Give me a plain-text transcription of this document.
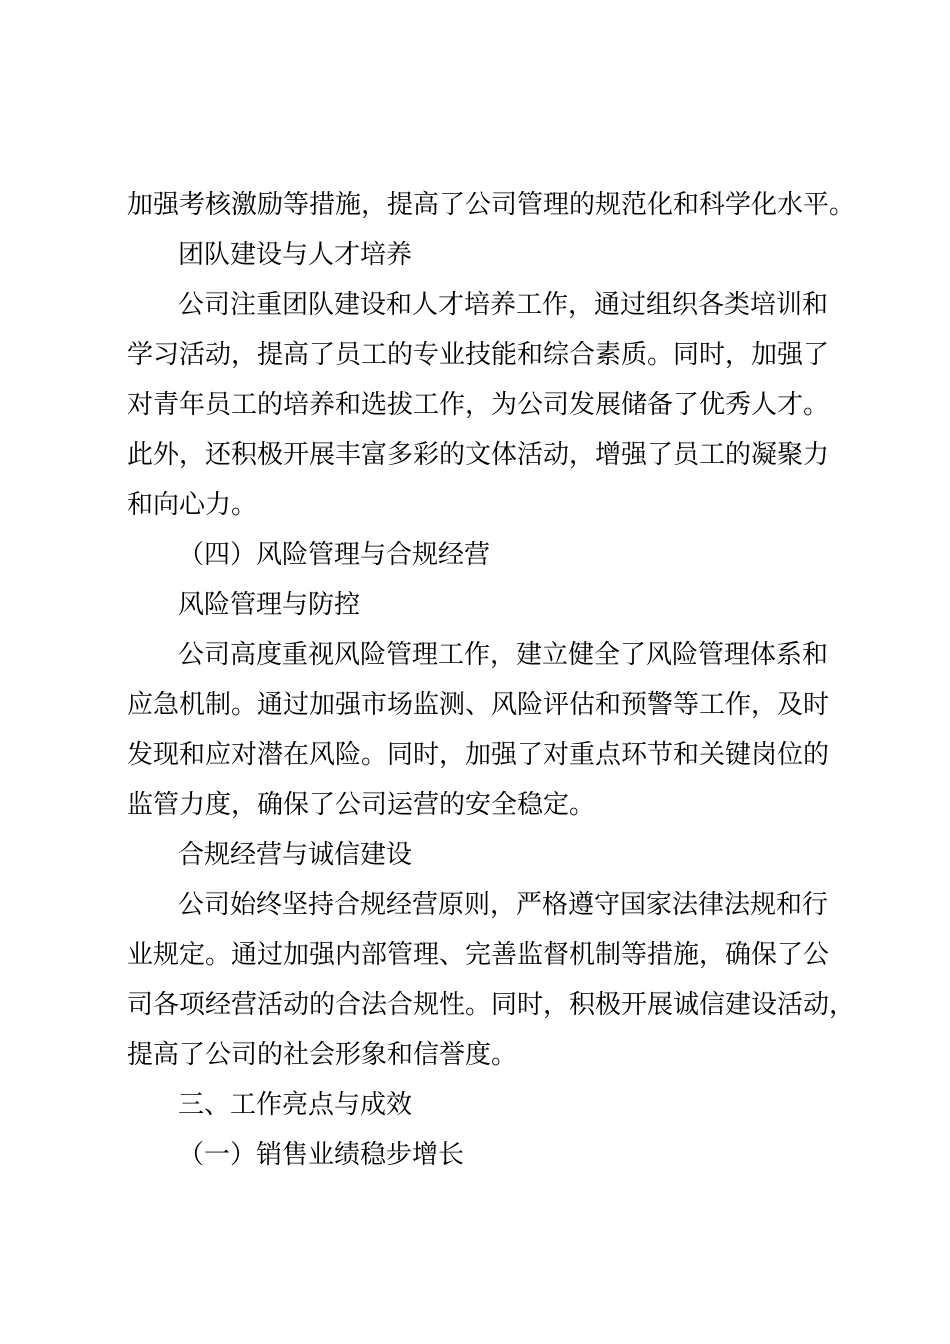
加强考核激励等措施，提高了公司管理的规范化和科学化水平。
团队建设与人才培养
公司注重团队建设和人才培养工作，通过组织各类培训和
学习活动，提高了员工的专业技能和综合素质。同时，加强了
对青年员工的培养和选拔工作，为公司发展储备了优秀人才。
此外，还积极开展丰富多彩的文体活动，增强了员工的凝聚力
和向心力。
（四）风险管理与合规经营
风险管理与防控
公司高度重视风险管理工作，建立健全了风险管理体系和
应急机制。通过加强市场监测、风险评估和预警等工作，及时
发现和应对潜在风险。同时，加强了对重点环节和关键岗位的
监管力度，确保了公司运营的安全稳定。
合规经营与诚信建设
公司始终坚持合规经营原则，严格遵守国家法律法规和行
业规定。通过加强内部管理、完善监督机制等措施，确保了公
司各项经营活动的合法合规性。同时，积极开展诚信建设活动，
提高了公司的社会形象和信誉度。
三、工作亮点与成效
（一）销售业绩稳步增长
